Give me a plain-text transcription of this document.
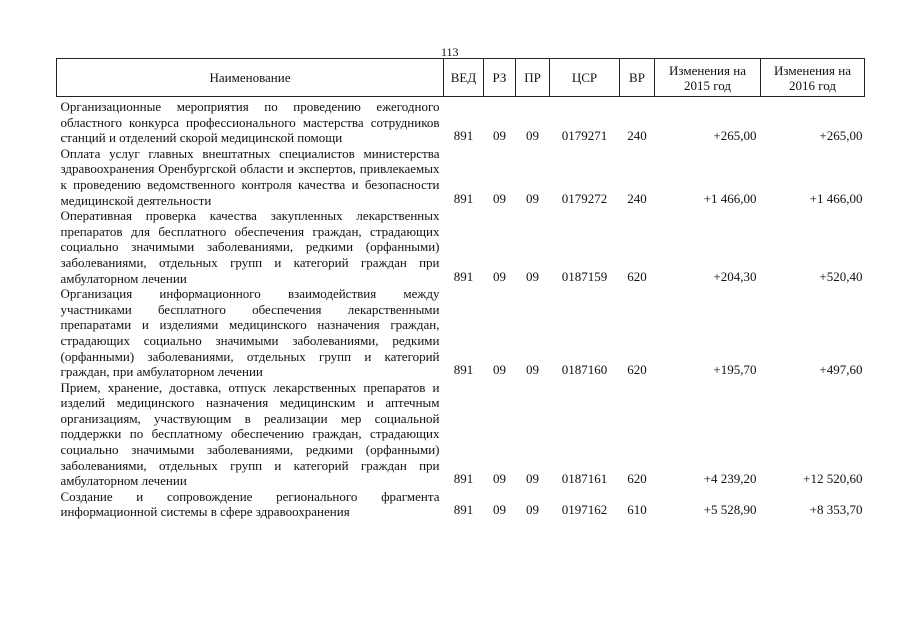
113
Наименование	ВЕД	РЗ	ПР	ЦСР	ВР	Изменения на 2015 год	Изменения на 2016 год
Организационные мероприятия по проведению ежегодного областного конкурса профессионального мастерства сотрудников станций и отделений скорой медицинской помощи	891	09	09	0179271	240	+265,00	+265,00
Оплата услуг главных внештатных специалистов министерства здравоохранения Оренбургской области и экспертов, привлекаемых к проведению ведомственного контроля качества и безопасности медицинской деятельности	891	09	09	0179272	240	+1 466,00	+1 466,00
Оперативная проверка качества закупленных лекарственных препаратов для бесплатного обеспечения граждан, страдающих социально значимыми заболеваниями, редкими (орфанными) заболеваниями, отдельных групп и категорий граждан при амбулаторном лечении	891	09	09	0187159	620	+204,30	+520,40
Организация информационного взаимодействия между участниками бесплатного обеспечения лекарственными препаратами и изделиями медицинского назначения граждан, страдающих социально значимыми заболеваниями, редкими (орфанными) заболеваниями, отдельных групп и категорий граждан, при амбулаторном лечении	891	09	09	0187160	620	+195,70	+497,60
Прием, хранение, доставка, отпуск лекарственных препаратов и изделий медицинского назначения медицинским и аптечным организациям, участвующим в реализации мер социальной поддержки по бесплатному обеспечению граждан, страдающих социально значимыми заболеваниями, редкими (орфанными) заболеваниями, отдельных групп и категорий граждан при амбулаторном лечении	891	09	09	0187161	620	+4 239,20	+12 520,60
Создание и сопровождение регионального фрагмента информационной системы в сфере здравоохранения	891	09	09	0197162	610	+5 528,90	+8 353,70
